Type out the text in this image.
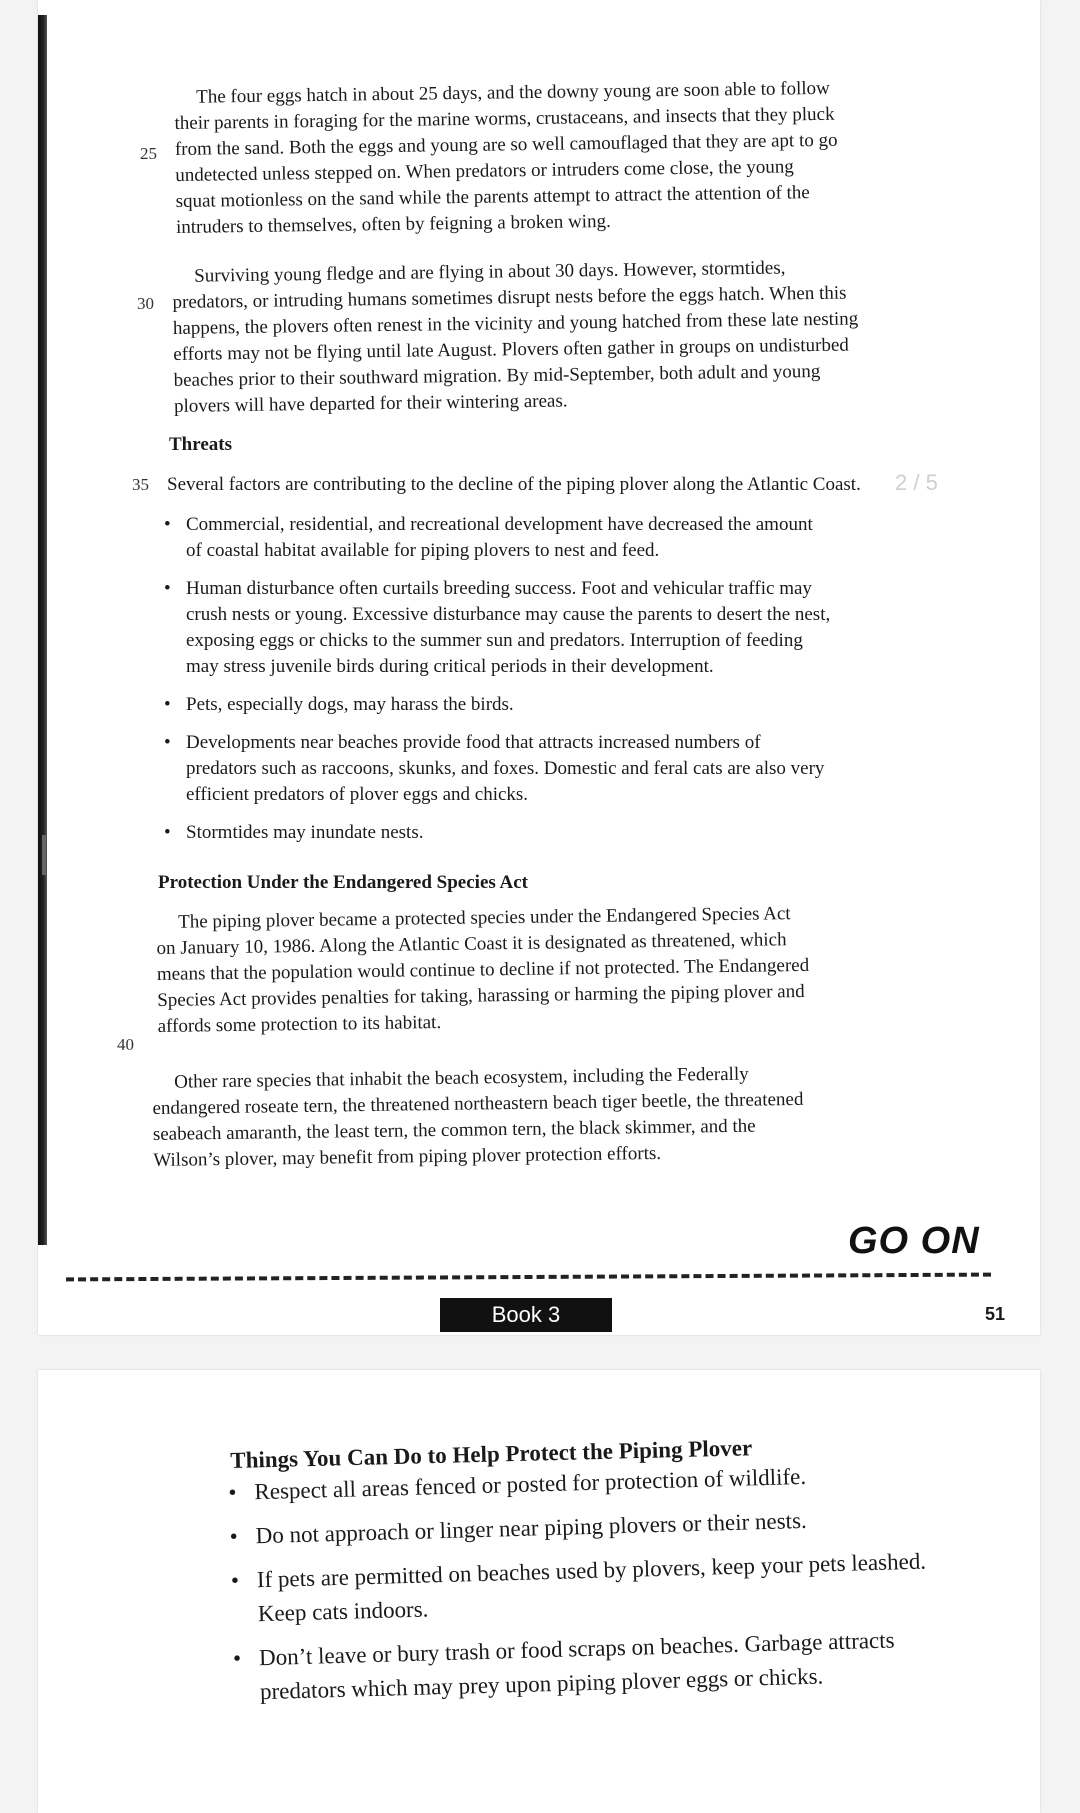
2 / 5
The four eggs hatch in about 25 days, and the downy young are soon able to follow
their parents in foraging for the marine worms, crustaceans, and insects that they pluck
from the sand. Both the eggs and young are so well camouflaged that they are apt to go
undetected unless stepped on. When predators or intruders come close, the young
squat motionless on the sand while the parents attempt to attract the attention of the
intruders to themselves, often by feigning a broken wing.
25
Surviving young fledge and are flying in about 30 days. However, stormtides,
predators, or intruding humans sometimes disrupt nests before the eggs hatch. When this
happens, the plovers often renest in the vicinity and young hatched from these late nesting
efforts may not be flying until late August. Plovers often gather in groups on undisturbed
beaches prior to their southward migration. By mid-September, both adult and young
plovers will have departed for their wintering areas.
30
Threats
35 Several factors are contributing to the decline of the piping plover along the Atlantic Coast.
• Commercial, residential, and recreational development have decreased the amount
of coastal habitat available for piping plovers to nest and feed.
• Human disturbance often curtails breeding success. Foot and vehicular traffic may
crush nests or young. Excessive disturbance may cause the parents to desert the nest,
exposing eggs or chicks to the summer sun and predators. Interruption of feeding
may stress juvenile birds during critical periods in their development.
• Pets, especially dogs, may harass the birds.
• Developments near beaches provide food that attracts increased numbers of
predators such as raccoons, skunks, and foxes. Domestic and feral cats are also very
efficient predators of plover eggs and chicks.
• Stormtides may inundate nests.
Protection Under the Endangered Species Act
The piping plover became a protected species under the Endangered Species Act
on January 10, 1986. Along the Atlantic Coast it is designated as threatened, which
means that the population would continue to decline if not protected. The Endangered
Species Act provides penalties for taking, harassing or harming the piping plover and
affords some protection to its habitat.
40
Other rare species that inhabit the beach ecosystem, including the Federally
endangered roseate tern, the threatened northeastern beach tiger beetle, the threatened
seabeach amaranth, the least tern, the common tern, the black skimmer, and the
Wilson’s plover, may benefit from piping plover protection efforts.
GO ON
Book 3	51
Things You Can Do to Help Protect the Piping Plover
• Respect all areas fenced or posted for protection of wildlife.
• Do not approach or linger near piping plovers or their nests.
• If pets are permitted on beaches used by plovers, keep your pets leashed.
Keep cats indoors.
• Don’t leave or bury trash or food scraps on beaches. Garbage attracts
predators which may prey upon piping plover eggs or chicks.
